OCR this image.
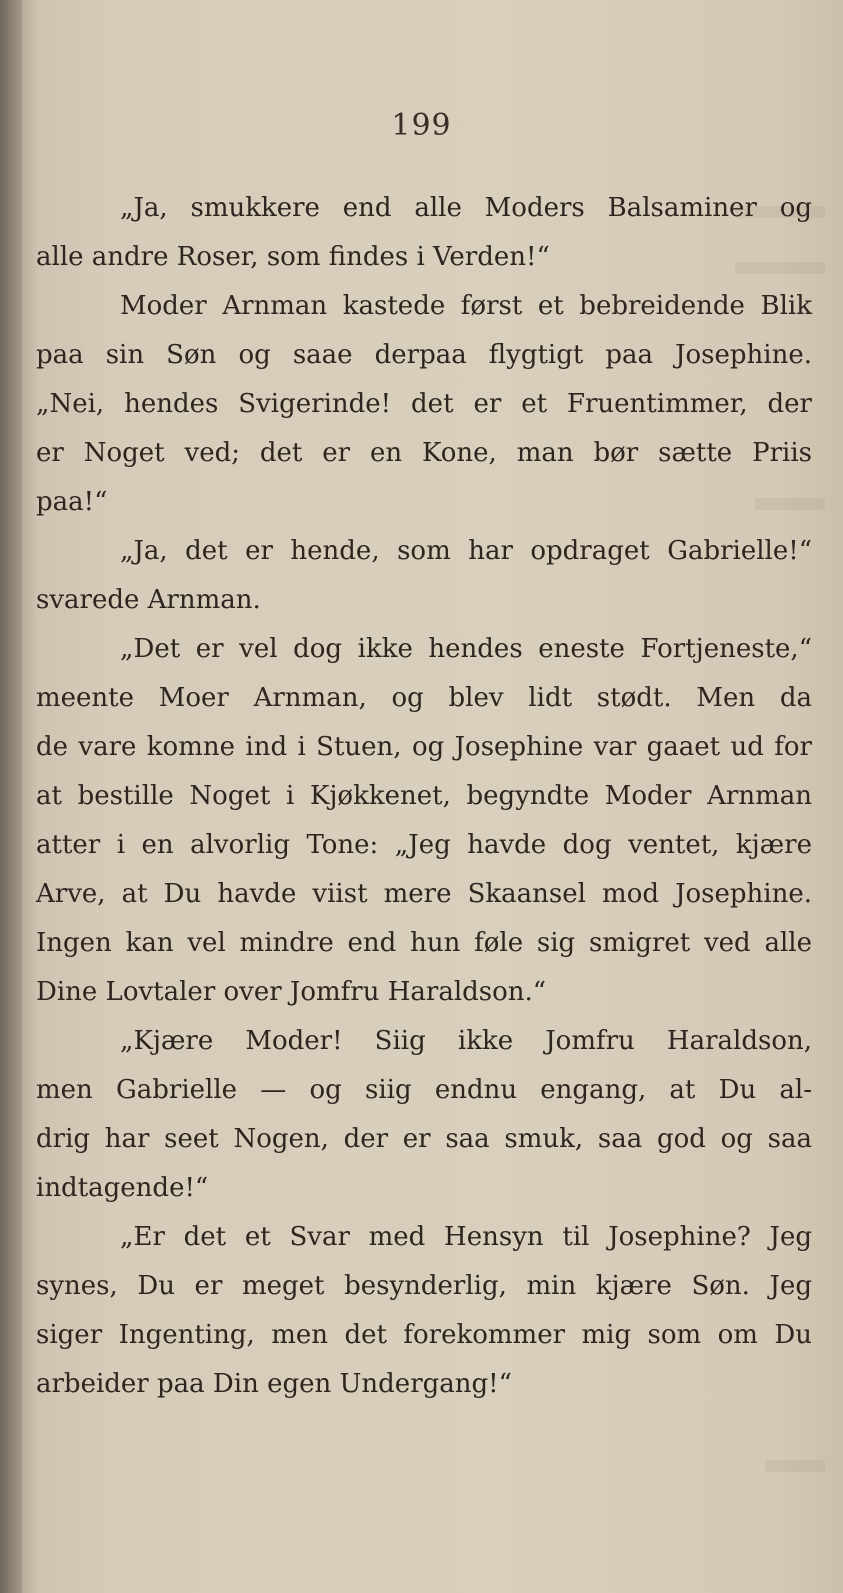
199
„Ja, smukkere end alle Moders Balsaminer og
alle andre Roser, som findes i Verden!“
Moder Arnman kastede først et bebreidende Blik
paa sin Søn og saae derpaa flygtigt paa Josephine.
„Nei, hendes Svigerinde! det er et Fruentimmer, der
er Noget ved; det er en Kone, man bør sætte Priis
paa!“
„Ja, det er hende, som har opdraget Gabrielle!“
svarede Arnman.
„Det er vel dog ikke hendes eneste Fortjeneste,“
meente Moer Arnman, og blev lidt stødt. Men da
de vare komne ind i Stuen, og Josephine var gaaet ud for
at bestille Noget i Kjøkkenet, begyndte Moder Arnman
atter i en alvorlig Tone: „Jeg havde dog ventet, kjære
Arve, at Du havde viist mere Skaansel mod Josephine.
Ingen kan vel mindre end hun føle sig smigret ved alle
Dine Lovtaler over Jomfru Haraldson.“
„Kjære Moder! Siig ikke Jomfru Haraldson,
men Gabrielle — og siig endnu engang, at Du al-
drig har seet Nogen, der er saa smuk, saa god og saa
indtagende!“
„Er det et Svar med Hensyn til Josephine? Jeg
synes, Du er meget besynderlig, min kjære Søn. Jeg
siger Ingenting, men det forekommer mig som om Du
arbeider paa Din egen Undergang!“
